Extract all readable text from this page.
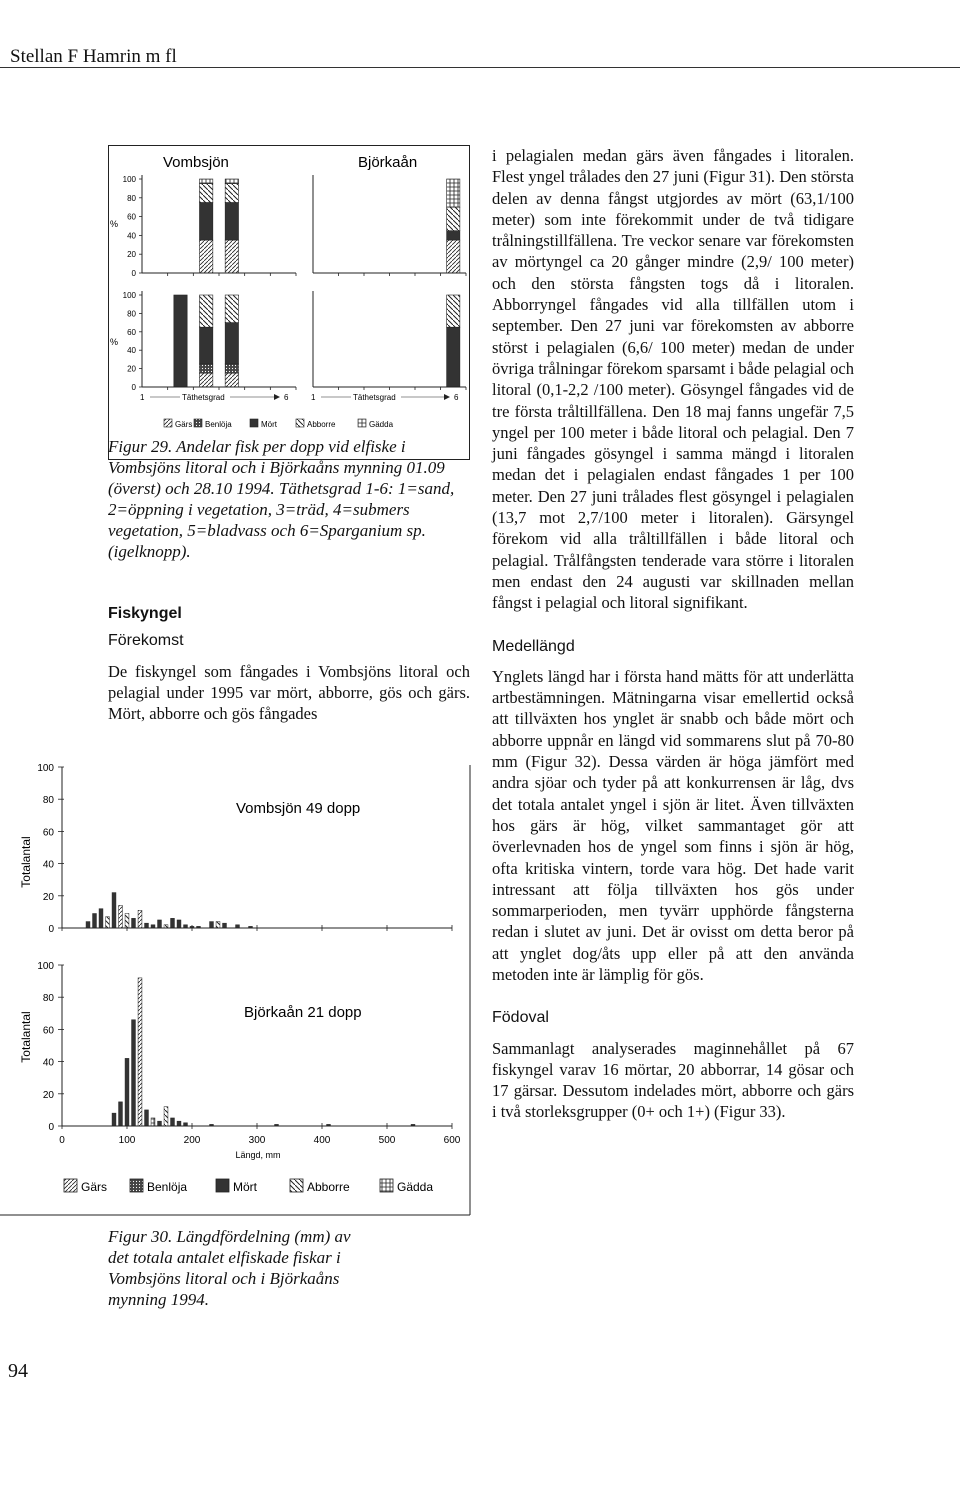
Stellan F Hamrin m fl
Vombsjön	Björkaån
%
%
100
80
60
40
20
0
100
80
60
40
20
0
1	Täthetsgrad	6	1	Täthetsgrad	6
Gärs Benlöja	Mört	Abborre	Gädda

Figur 29. Andelar fisk per dopp vid elfiske i Vombsjöns litoral och i Björkaåns mynning 01.09 (överst) och 28.10 1994. Täthetsgrad 1-6: 1=sand, 2=öppning i vegetation, 3=träd, 4=submers vegetation, 5=bladvass och 6=Sparganium sp. (igelknopp).

Fiskyngel

Förekomst

De fiskyngel som fångades i Vombsjöns litoral och pelagial under 1995 var mört, abborre, gös och gärs. Mört, abborre och gös fångades

Vombsjön 49 dopp
Björkaån 21 dopp
Totalantal
Totalantal
Längd, mm
100
80
60
40
20
0
100
80
60
40
20
0
0	100	200	300	400	500	600
Gärs	Benlöja	Mört	Abborre	Gädda

Figur 30. Längdfördelning (mm) av det totala antalet elfiskade fiskar i Vombsjöns litoral och i Björkaåns mynning 1994.

i pelagialen medan gärs även fångades i litoralen. Flest yngel trålades den 27 juni (Figur 31). Den största delen av denna fångst utgjordes av mört (63,1/100 meter) som inte förekommit under de två tidigare trålningstillfällena. Tre veckor senare var förekomsten av mörtyngel ca 20 gånger mindre (2,9/ 100 meter) och den största fångsten togs då i litoralen. Abborryngel fångades vid alla tillfällen utom i september. Den 27 juni var förekomsten av abborre störst i pelagialen (6,6/ 100 meter) medan de under övriga trålningar förekom sparsamt i både pelagial och litoral (0,1-2,2 /100 meter). Gösyngel fångades vid de tre första tråltillfällena. Den 18 maj fanns ungefär 7,5 yngel per 100 meter i både litoral och pelagial. Den 7 juni fångades gösyngel i samma mängd i litoralen medan det i pelagialen endast fångades 1 per 100 meter. Den 27 juni trålades flest gösyngel i pelagialen (13,7 mot 2,7/100 meter i litoralen). Gärsyngel förekom vid alla tråltillfällen i både litoral och pelagial. Trålfångsten tenderade vara större i litoralen men endast den 24 augusti var skillnaden mellan fångst i pelagial och litoral signifikant.

Medellängd

Ynglets längd har i första hand mätts för att underlätta artbestämningen. Mätningarna visar emellertid också att tillväxten hos ynglet är snabb och både mört och abborre uppnår en längd vid sommarens slut på 70-80 mm (Figur 32). Dessa värden är höga jämfört med andra sjöar och tyder på att konkurrensen är låg, dvs det totala antalet yngel i sjön är litet. Även tillväxten hos gärs är hög, vilket sammantaget gör att överlevnaden hos de yngel som finns i sjön är hög, ofta kritiska vintern, torde vara hög. Det hade varit intressant att följa tillväxten hos gös under sommarperioden, men tyvärr upphörde fångsterna redan i slutet av juni. Det är ovisst om detta beror på att ynglet dog/åts upp eller på att den använda metoden inte är lämplig för gös.

Födoval

Sammanlagt analyserades maginnehållet på 67 fiskyngel varav 16 mörtar, 20 abborrar, 14 gösar och 17 gärsar. Dessutom indelades mört, abborre och gärs i två storleksgrupper (0+ och 1+) (Figur 33).

94
